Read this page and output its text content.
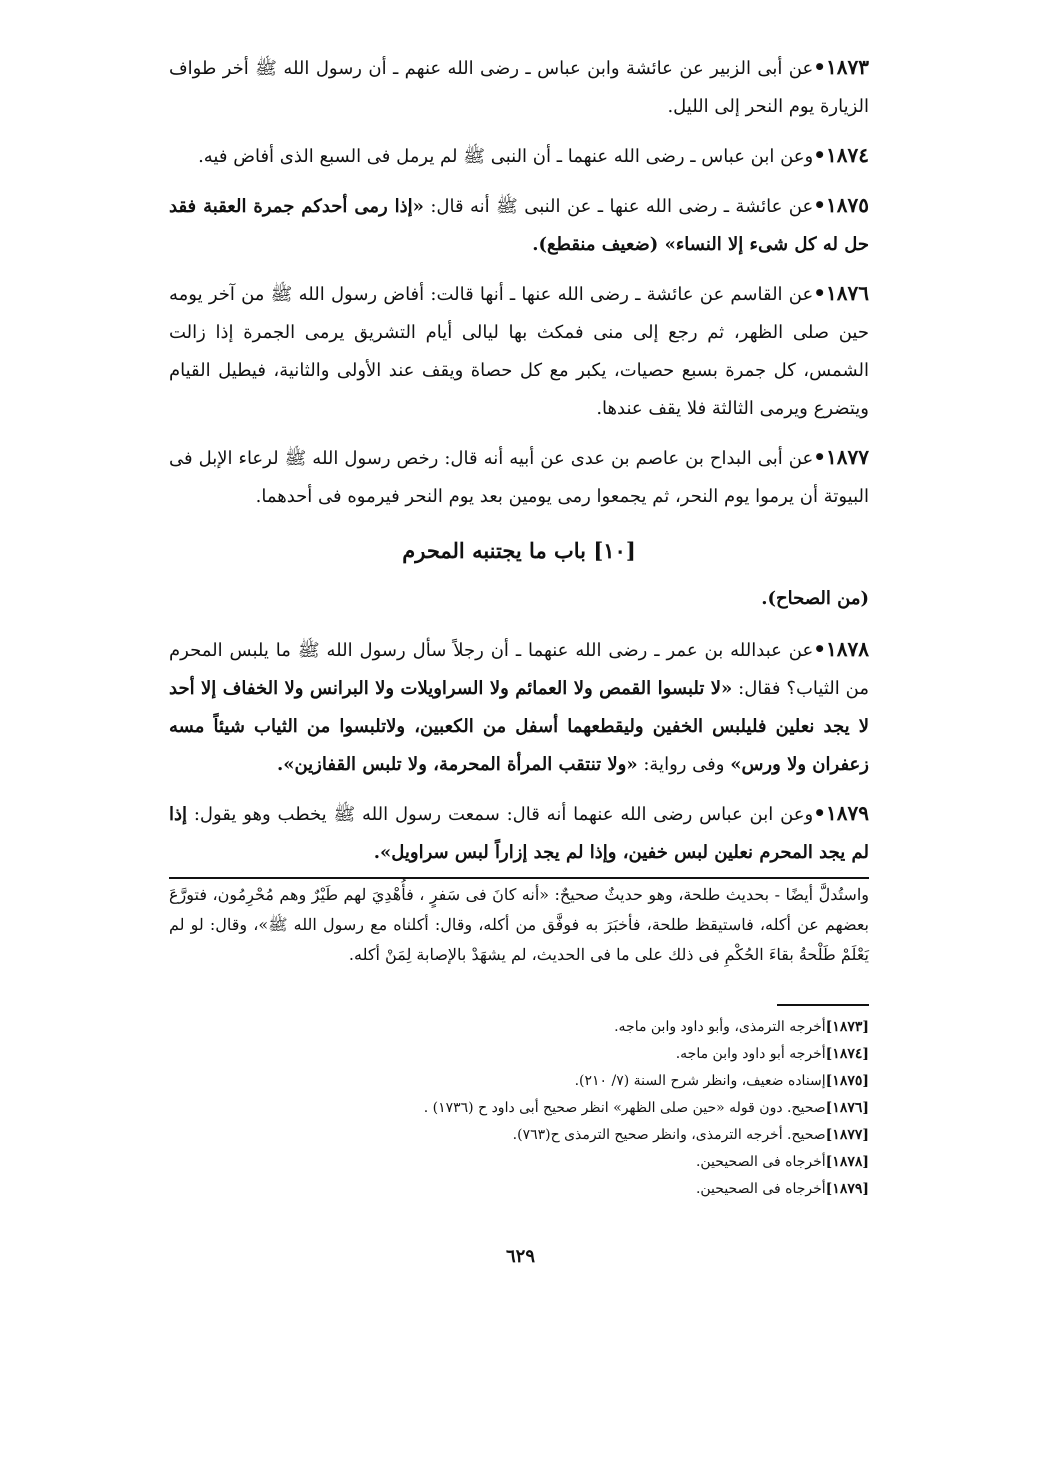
١٨٧٣•عن أبى الزبير عن عائشة وابن عباس ـ رضى الله عنهم ـ أن رسول الله ﷺ أخر طواف الزيارة يوم النحر إلى الليل.
١٨٧٤•وعن ابن عباس ـ رضى الله عنهما ـ أن النبى ﷺ لم يرمل فى السبع الذى أفاض فيه.
١٨٧٥•عن عائشة ـ رضى الله عنها ـ عن النبى ﷺ أنه قال: «إذا رمى أحدكم جمرة العقبة فقد حل له كل شىء إلا النساء» (ضعيف منقطع).
١٨٧٦•عن القاسم عن عائشة ـ رضى الله عنها ـ أنها قالت: أفاض رسول الله ﷺ من آخر يومه حين صلى الظهر، ثم رجع إلى منى فمكث بها ليالى أيام التشريق يرمى الجمرة إذا زالت الشمس، كل جمرة بسبع حصيات، يكبر مع كل حصاة ويقف عند الأولى والثانية، فيطيل القيام ويتضرع ويرمى الثالثة فلا يقف عندها.
١٨٧٧•عن أبى البداح بن عاصم بن عدى عن أبيه أنه قال: رخص رسول الله ﷺ لرعاء الإبل فى البيوتة أن يرموا يوم النحر، ثم يجمعوا رمى يومين بعد يوم النحر فيرموه فى أحدهما.
[١٠] باب ما يجتنبه المحرم
(من الصحاح).
١٨٧٨•عن عبدالله بن عمر ـ رضى الله عنهما ـ أن رجلاً سأل رسول الله ﷺ ما يلبس المحرم من الثياب؟ فقال: «لا تلبسوا القمص ولا العمائم ولا السراويلات ولا البرانس ولا الخفاف إلا أحد لا يجد نعلين فليلبس الخفين وليقطعهما أسفل من الكعبين، ولاتلبسوا من الثياب شيئاً مسه زعفران ولا ورس» وفى رواية: «ولا تنتقب المرأة المحرمة، ولا تلبس القفازين».
١٨٧٩•وعن ابن عباس رضى الله عنهما أنه قال: سمعت رسول الله ﷺ يخطب وهو يقول: إذا لم يجد المحرم نعلين لبس خفين، وإذا لم يجد إزاراً لبس سراويل».
واستُدلَّ أيضًا - بحديث طلحة، وهو حديثٌ صحيحٌ: «أنه كانَ فى سَفرٍ ، فأُهْدِيَ لهم طَيْرٌ وهم مُحْرِمُون، فتورَّعَ بعضهم عن أكله، فاستيقظ طلحة، فأخبَرَ به فوفَّق من أكله، وقال: أكلناه مع رسول الله ﷺ»، وقال: لو لم يَعْلَمْ طَلْحةُ بقاءَ الحُكْمِ فى ذلك على ما فى الحديث، لم يشهَدْ بالإصابة لِمَنْ أكله.
[١٨٧٣]أخرجه الترمذى، وأبو داود وابن ماجه.
[١٨٧٤]أخرجه أبو داود وابن ماجه.
[١٨٧٥]إسناده ضعيف، وانظر شرح السنة (٧/ ٢١٠).
[١٨٧٦]صحيح. دون قوله «حين صلى الظهر» انظر صحيح أبى داود ح (١٧٣٦) .
[١٨٧٧]صحيح. أخرجه الترمذى، وانظر صحيح الترمذى ح(٧٦٣).
[١٨٧٨]أخرجاه فى الصحيحين.
[١٨٧٩]أخرجاه فى الصحيحين.
٦٢٩
